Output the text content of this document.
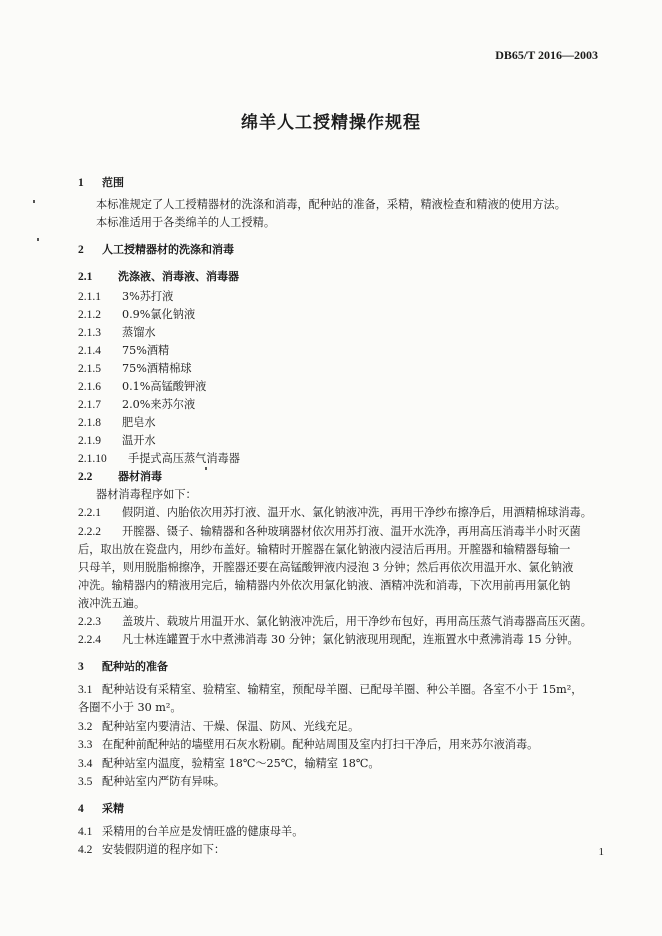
DB65/T 2016—2003
绵羊人工授精操作规程
1 范围
本标准规定了人工授精器材的洗涤和消毒，配种站的准备，采精，精液检查和精液的使用方法。
本标准适用于各类绵羊的人工授精。
2 人工授精器材的洗涤和消毒
2.1 洗涤液、消毒液、消毒器
2.1.1 3%苏打液
2.1.2 0.9%氯化钠液
2.1.3 蒸馏水
2.1.4 75%酒精
2.1.5 75%酒精棉球
2.1.6 0.1%高锰酸钾液
2.1.7 2.0%来苏尔液
2.1.8 肥皂水
2.1.9 温开水
2.1.10 手提式高压蒸气消毒器
2.2 器材消毒
器材消毒程序如下：
2.2.1 假阴道、内胎依次用苏打液、温开水、氯化钠液冲洗，再用干净纱布擦净后，用酒精棉球消毒。
2.2.2 开膣器、镊子、输精器和各种玻璃器材依次用苏打液、温开水洗净，再用高压消毒半小时灭菌
后，取出放在瓷盘内，用纱布盖好。输精时开膣器在氯化钠液内浸洁后再用。开膣器和输精器每输一
只母羊，则用脱脂棉擦净，开膣器还要在高锰酸钾液内浸泡 3 分钟；然后再依次用温开水、氯化钠液
冲洗。输精器内的精液用完后，输精器内外依次用氯化钠液、酒精冲洗和消毒，下次用前再用氯化钠
液冲洗五遍。
2.2.3 盖玻片、载玻片用温开水、氯化钠液冲洗后，用干净纱布包好，再用高压蒸气消毒器高压灭菌。
2.2.4 凡士林连罐置于水中煮沸消毒 30 分钟；氯化钠液现用现配，连瓶置水中煮沸消毒 15 分钟。
3 配种站的准备
3.1 配种站设有采精室、验精室、输精室，预配母羊圈、已配母羊圈、种公羊圈。各室不小于 15m²，
各圈不小于 30 m²。
3.2 配种站室内要清洁、干燥、保温、防风、光线充足。
3.3 在配种前配种站的墙壁用石灰水粉刷。配种站周围及室内打扫干净后，用来苏尔液消毒。
3.4 配种站室内温度，验精室 18℃～25℃，输精室 18℃。
3.5 配种站室内严防有异味。
4 采精
4.1 采精用的台羊应是发情旺盛的健康母羊。
4.2 安装假阴道的程序如下：	1
